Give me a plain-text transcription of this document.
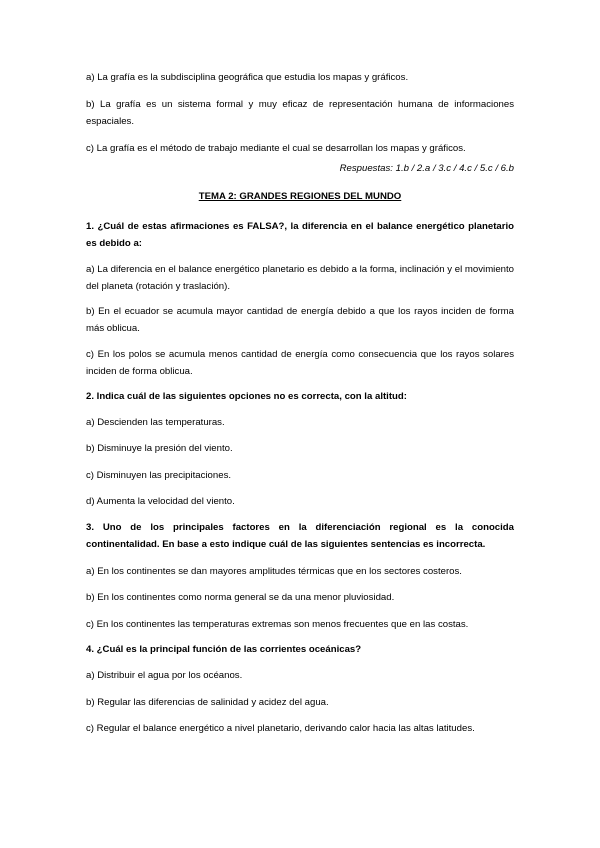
a) La grafía es la subdisciplina geográfica que estudia los mapas y gráficos.

b) La grafía es un sistema formal y muy eficaz de representación humana de informaciones espaciales.

c) La grafía es el método de trabajo mediante el cual se desarrollan los mapas y gráficos.

Respuestas: 1.b / 2.a / 3.c / 4.c / 5.c / 6.b

TEMA 2: GRANDES REGIONES DEL MUNDO

1. ¿Cuál de estas afirmaciones es FALSA?, la diferencia en el balance energético planetario es debido a:

a) La diferencia en el balance energético planetario es debido a la forma, inclinación y el movimiento del planeta (rotación y traslación).

b) En el ecuador se acumula mayor cantidad de energía debido a que los rayos inciden de forma más oblicua.

c) En los polos se acumula menos cantidad de energía como consecuencia que los rayos solares inciden de forma oblicua.

2. Indica cuál de las siguientes opciones no es correcta, con la altitud:

a) Descienden las temperaturas.

b) Disminuye la presión del viento.

c) Disminuyen las precipitaciones.

d) Aumenta la velocidad del viento.

3. Uno de los principales factores en la diferenciación regional es la conocida continentalidad. En base a esto indique cuál de las siguientes sentencias es incorrecta.

a) En los continentes se dan mayores amplitudes térmicas que en los sectores costeros.

b) En los continentes como norma general se da una menor pluviosidad.

c) En los continentes las temperaturas extremas son menos frecuentes que en las costas.

4. ¿Cuál es la principal función de las corrientes oceánicas?

a) Distribuir el agua por los océanos.

b) Regular las diferencias de salinidad y acidez del agua.

c) Regular el balance energético a nivel planetario, derivando calor hacia las altas latitudes.
